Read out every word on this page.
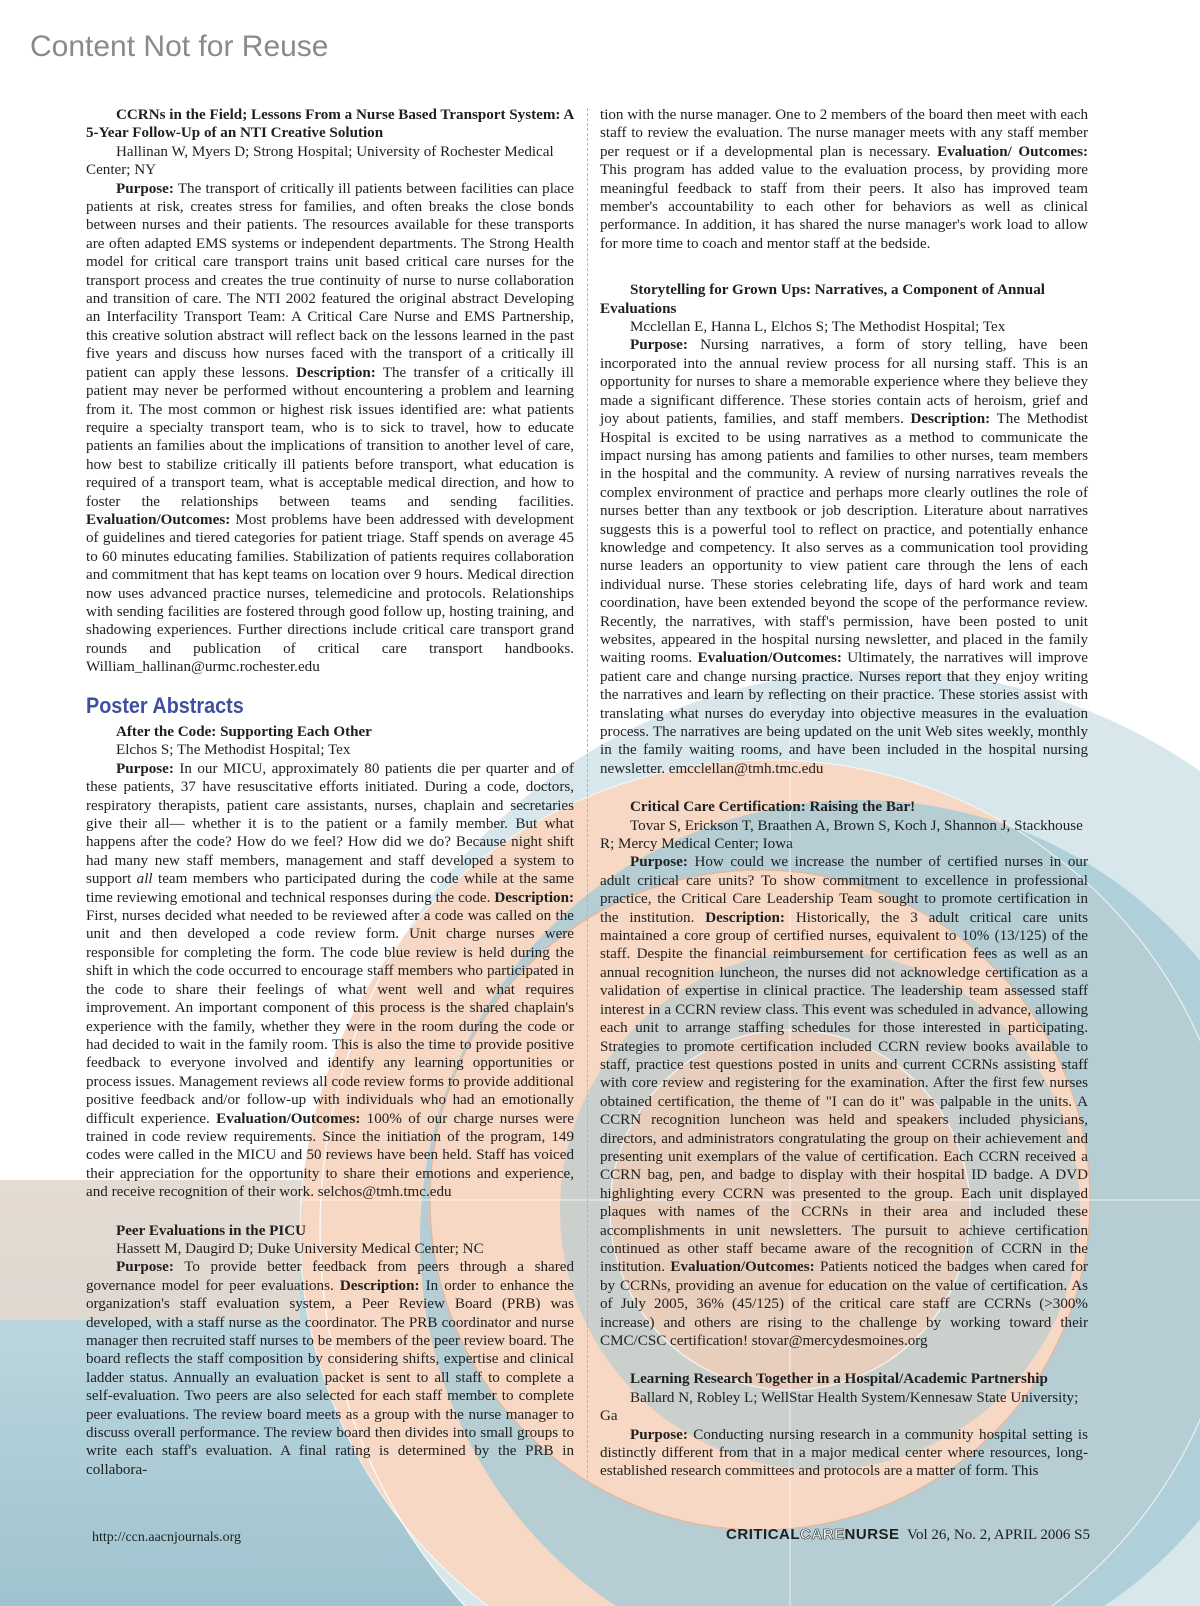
Content Not for Reuse

CCRNs in the Field; Lessons From a Nurse Based Transport System: A 5-Year Follow-Up of an NTI Creative Solution

Hallinan W, Myers D; Strong Hospital; University of Rochester Medical Center; NY

Purpose: The transport of critically ill patients between facilities can place patients at risk, creates stress for families, and often breaks the close bonds between nurses and their patients. The resources available for these transports are often adapted EMS systems or independent departments. The Strong Health model for critical care transport trains unit based critical care nurses for the transport process and creates the true continuity of nurse to nurse collaboration and transition of care. The NTI 2002 featured the original abstract Developing an Interfacility Transport Team: A Critical Care Nurse and EMS Partnership, this creative solution abstract will reflect back on the lessons learned in the past five years and discuss how nurses faced with the transport of a critically ill patient can apply these lessons. Description: The transfer of a critically ill patient may never be performed without encountering a problem and learning from it. The most common or highest risk issues identified are: what patients require a specialty transport team, who is to sick to travel, how to educate patients an families about the implications of transition to another level of care, how best to stabilize critically ill patients before transport, what education is required of a transport team, what is acceptable medical direction, and how to foster the relationships between teams and sending facilities. Evaluation/Outcomes: Most problems have been addressed with development of guidelines and tiered categories for patient triage. Staff spends on average 45 to 60 minutes educating families. Stabilization of patients requires collaboration and commitment that has kept teams on location over 9 hours. Medical direction now uses advanced practice nurses, telemedicine and protocols. Relationships with sending facilities are fostered through good follow up, hosting training, and shadowing experiences. Further directions include critical care transport grand rounds and publication of critical care transport handbooks. William_hallinan@urmc.rochester.edu

Poster Abstracts

After the Code: Supporting Each Other

Elchos S; The Methodist Hospital; Tex

Purpose: In our MICU, approximately 80 patients die per quarter and of these patients, 37 have resuscitative efforts initiated. During a code, doctors, respiratory therapists, patient care assistants, nurses, chaplain and secretaries give their all— whether it is to the patient or a family member. But what happens after the code? How do we feel? How did we do? Because night shift had many new staff members, management and staff developed a system to support all team members who participated during the code while at the same time reviewing emotional and technical responses during the code. Description: First, nurses decided what needed to be reviewed after a code was called on the unit and then developed a code review form. Unit charge nurses were responsible for completing the form. The code blue review is held during the shift in which the code occurred to encourage staff members who participated in the code to share their feelings of what went well and what requires improvement. An important component of this process is the shared chaplain's experience with the family, whether they were in the room during the code or had decided to wait in the family room. This is also the time to provide positive feedback to everyone involved and identify any learning opportunities or process issues. Management reviews all code review forms to provide additional positive feedback and/or follow-up with individuals who had an emotionally difficult experience. Evaluation/Outcomes: 100% of our charge nurses were trained in code review requirements. Since the initiation of the program, 149 codes were called in the MICU and 50 reviews have been held. Staff has voiced their appreciation for the opportunity to share their emotions and experience, and receive recognition of their work. selchos@tmh.tmc.edu

Peer Evaluations in the PICU

Hassett M, Daugird D; Duke University Medical Center; NC

Purpose: To provide better feedback from peers through a shared governance model for peer evaluations. Description: In order to enhance the organization's staff evaluation system, a Peer Review Board (PRB) was developed, with a staff nurse as the coordinator. The PRB coordinator and nurse manager then recruited staff nurses to be members of the peer review board. The board reflects the staff composition by considering shifts, expertise and clinical ladder status. Annually an evaluation packet is sent to all staff to complete a self-evaluation. Two peers are also selected for each staff member to complete peer evaluations. The review board meets as a group with the nurse manager to discuss overall performance. The review board then divides into small groups to write each staff's evaluation. A final rating is determined by the PRB in collabora-

tion with the nurse manager. One to 2 members of the board then meet with each staff to review the evaluation. The nurse manager meets with any staff member per request or if a developmental plan is necessary. Evaluation/ Outcomes: This program has added value to the evaluation process, by providing more meaningful feedback to staff from their peers. It also has improved team member's accountability to each other for behaviors as well as clinical performance. In addition, it has shared the nurse manager's work load to allow for more time to coach and mentor staff at the bedside.

Storytelling for Grown Ups: Narratives, a Component of Annual Evaluations

Mcclellan E, Hanna L, Elchos S; The Methodist Hospital; Tex

Purpose: Nursing narratives, a form of story telling, have been incorporated into the annual review process for all nursing staff. This is an opportunity for nurses to share a memorable experience where they believe they made a significant difference. These stories contain acts of heroism, grief and joy about patients, families, and staff members. Description: The Methodist Hospital is excited to be using narratives as a method to communicate the impact nursing has among patients and families to other nurses, team members in the hospital and the community. A review of nursing narratives reveals the complex environment of practice and perhaps more clearly outlines the role of nurses better than any textbook or job description. Literature about narratives suggests this is a powerful tool to reflect on practice, and potentially enhance knowledge and competency. It also serves as a communication tool providing nurse leaders an opportunity to view patient care through the lens of each individual nurse. These stories celebrating life, days of hard work and team coordination, have been extended beyond the scope of the performance review. Recently, the narratives, with staff's permission, have been posted to unit websites, appeared in the hospital nursing newsletter, and placed in the family waiting rooms. Evaluation/Outcomes: Ultimately, the narratives will improve patient care and change nursing practice. Nurses report that they enjoy writing the narratives and learn by reflecting on their practice. These stories assist with translating what nurses do everyday into objective measures in the evaluation process. The narratives are being updated on the unit Web sites weekly, monthly in the family waiting rooms, and have been included in the hospital nursing newsletter. emcclellan@tmh.tmc.edu

Critical Care Certification: Raising the Bar!

Tovar S, Erickson T, Braathen A, Brown S, Koch J, Shannon J, Stackhouse R; Mercy Medical Center; Iowa

Purpose: How could we increase the number of certified nurses in our adult critical care units? To show commitment to excellence in professional practice, the Critical Care Leadership Team sought to promote certification in the institution. Description: Historically, the 3 adult critical care units maintained a core group of certified nurses, equivalent to 10% (13/125) of the staff. Despite the financial reimbursement for certification fees as well as an annual recognition luncheon, the nurses did not acknowledge certification as a validation of expertise in clinical practice. The leadership team assessed staff interest in a CCRN review class. This event was scheduled in advance, allowing each unit to arrange staffing schedules for those interested in participating. Strategies to promote certification included CCRN review books available to staff, practice test questions posted in units and current CCRNs assisting staff with core review and registering for the examination. After the first few nurses obtained certification, the theme of "I can do it" was palpable in the units. A CCRN recognition luncheon was held and speakers included physicians, directors, and administrators congratulating the group on their achievement and presenting unit exemplars of the value of certification. Each CCRN received a CCRN bag, pen, and badge to display with their hospital ID badge. A DVD highlighting every CCRN was presented to the group. Each unit displayed plaques with names of the CCRNs in their area and included these accomplishments in unit newsletters. The pursuit to achieve certification continued as other staff became aware of the recognition of CCRN in the institution. Evaluation/Outcomes: Patients noticed the badges when cared for by CCRNs, providing an avenue for education on the value of certification. As of July 2005, 36% (45/125) of the critical care staff are CCRNs (>300% increase) and others are rising to the challenge by working toward their CMC/CSC certification! stovar@mercydesmoines.org

Learning Research Together in a Hospital/Academic Partnership

Ballard N, Robley L; WellStar Health System/Kennesaw State University; Ga

Purpose: Conducting nursing research in a community hospital setting is distinctly different from that in a major medical center where resources, long-established research committees and protocols are a matter of form. This

http://ccn.aacnjournals.org	CRITICALCARENURSE Vol 26, No. 2, APRIL 2006 S5
